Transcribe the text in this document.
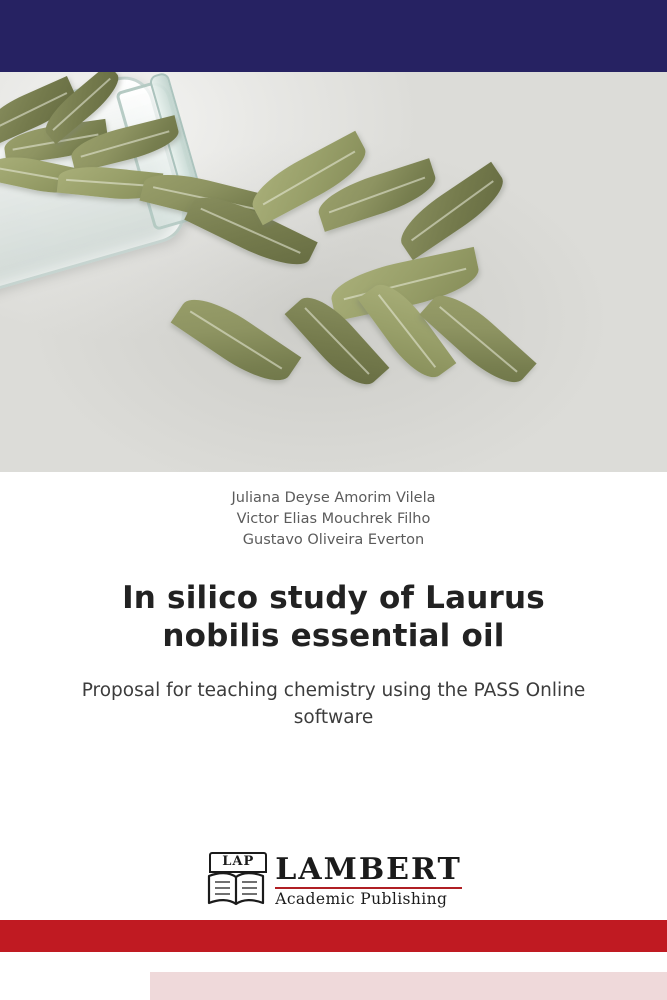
Juliana Deyse Amorim Vilela
Victor Elias Mouchrek Filho
Gustavo Oliveira Everton
In silico study of Laurus nobilis essential oil
Proposal for teaching chemistry using the PASS Online software
LAP LAMBERT
Academic Publishing
